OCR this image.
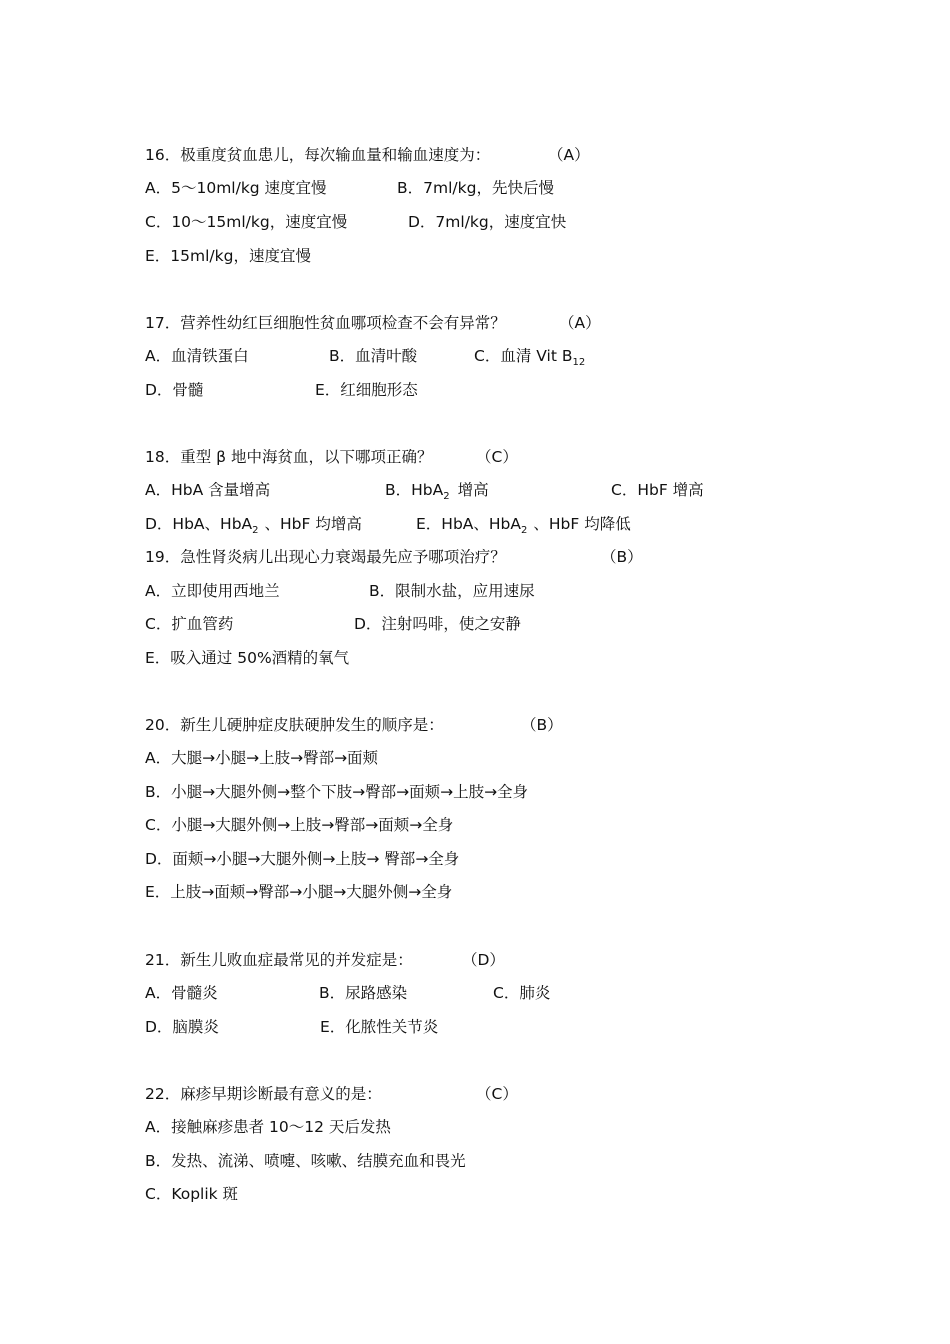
16．极重度贫血患儿，每次输血量和输血速度为：	（A）
A．5～10ml/kg 速度宜慢	B．7ml/kg，先快后慢
C．10～15ml/kg，速度宜慢	D．7ml/kg，速度宜快
E．15ml/kg，速度宜慢
17．营养性幼红巨细胞性贫血哪项检查不会有异常？	（A）
A．血清铁蛋白	B．血清叶酸	C．血清 Vit $B_{12}$
D．骨髓	E．红细胞形态
18．重型 β 地中海贫血，以下哪项正确？	（C）
A．HbA 含量增高	B．HbA$_2$ 增高	C．HbF 增高
D．HbA、HbA$_2$ 、HbF 均增高	E．HbA、HbA$_2$ 、HbF 均降低
19．急性肾炎病儿出现心力衰竭最先应予哪项治疗？	（B）
A．立即使用西地兰	B．限制水盐，应用速尿
C．扩血管药	D．注射吗啡，使之安静
E．吸入通过 50%酒精的氧气
20．新生儿硬肿症皮肤硬肿发生的顺序是：	（B）
A．大腿→小腿→上肢→臀部→面颊
B．小腿→大腿外侧→整个下肢→臀部→面颊→上肢→全身
C．小腿→大腿外侧→上肢→臀部→面颊→全身
D．面颊→小腿→大腿外侧→上肢→ 臀部→全身
E．上肢→面颊→臀部→小腿→大腿外侧→全身
21．新生儿败血症最常见的并发症是：	（D）
A．骨髓炎	B．尿路感染	C．肺炎
D．脑膜炎	E．化脓性关节炎
22．麻疹早期诊断最有意义的是：	（C）
A．接触麻疹患者 10～12 天后发热
B．发热、流涕、喷嚏、咳嗽、结膜充血和畏光
C．Koplik 斑
